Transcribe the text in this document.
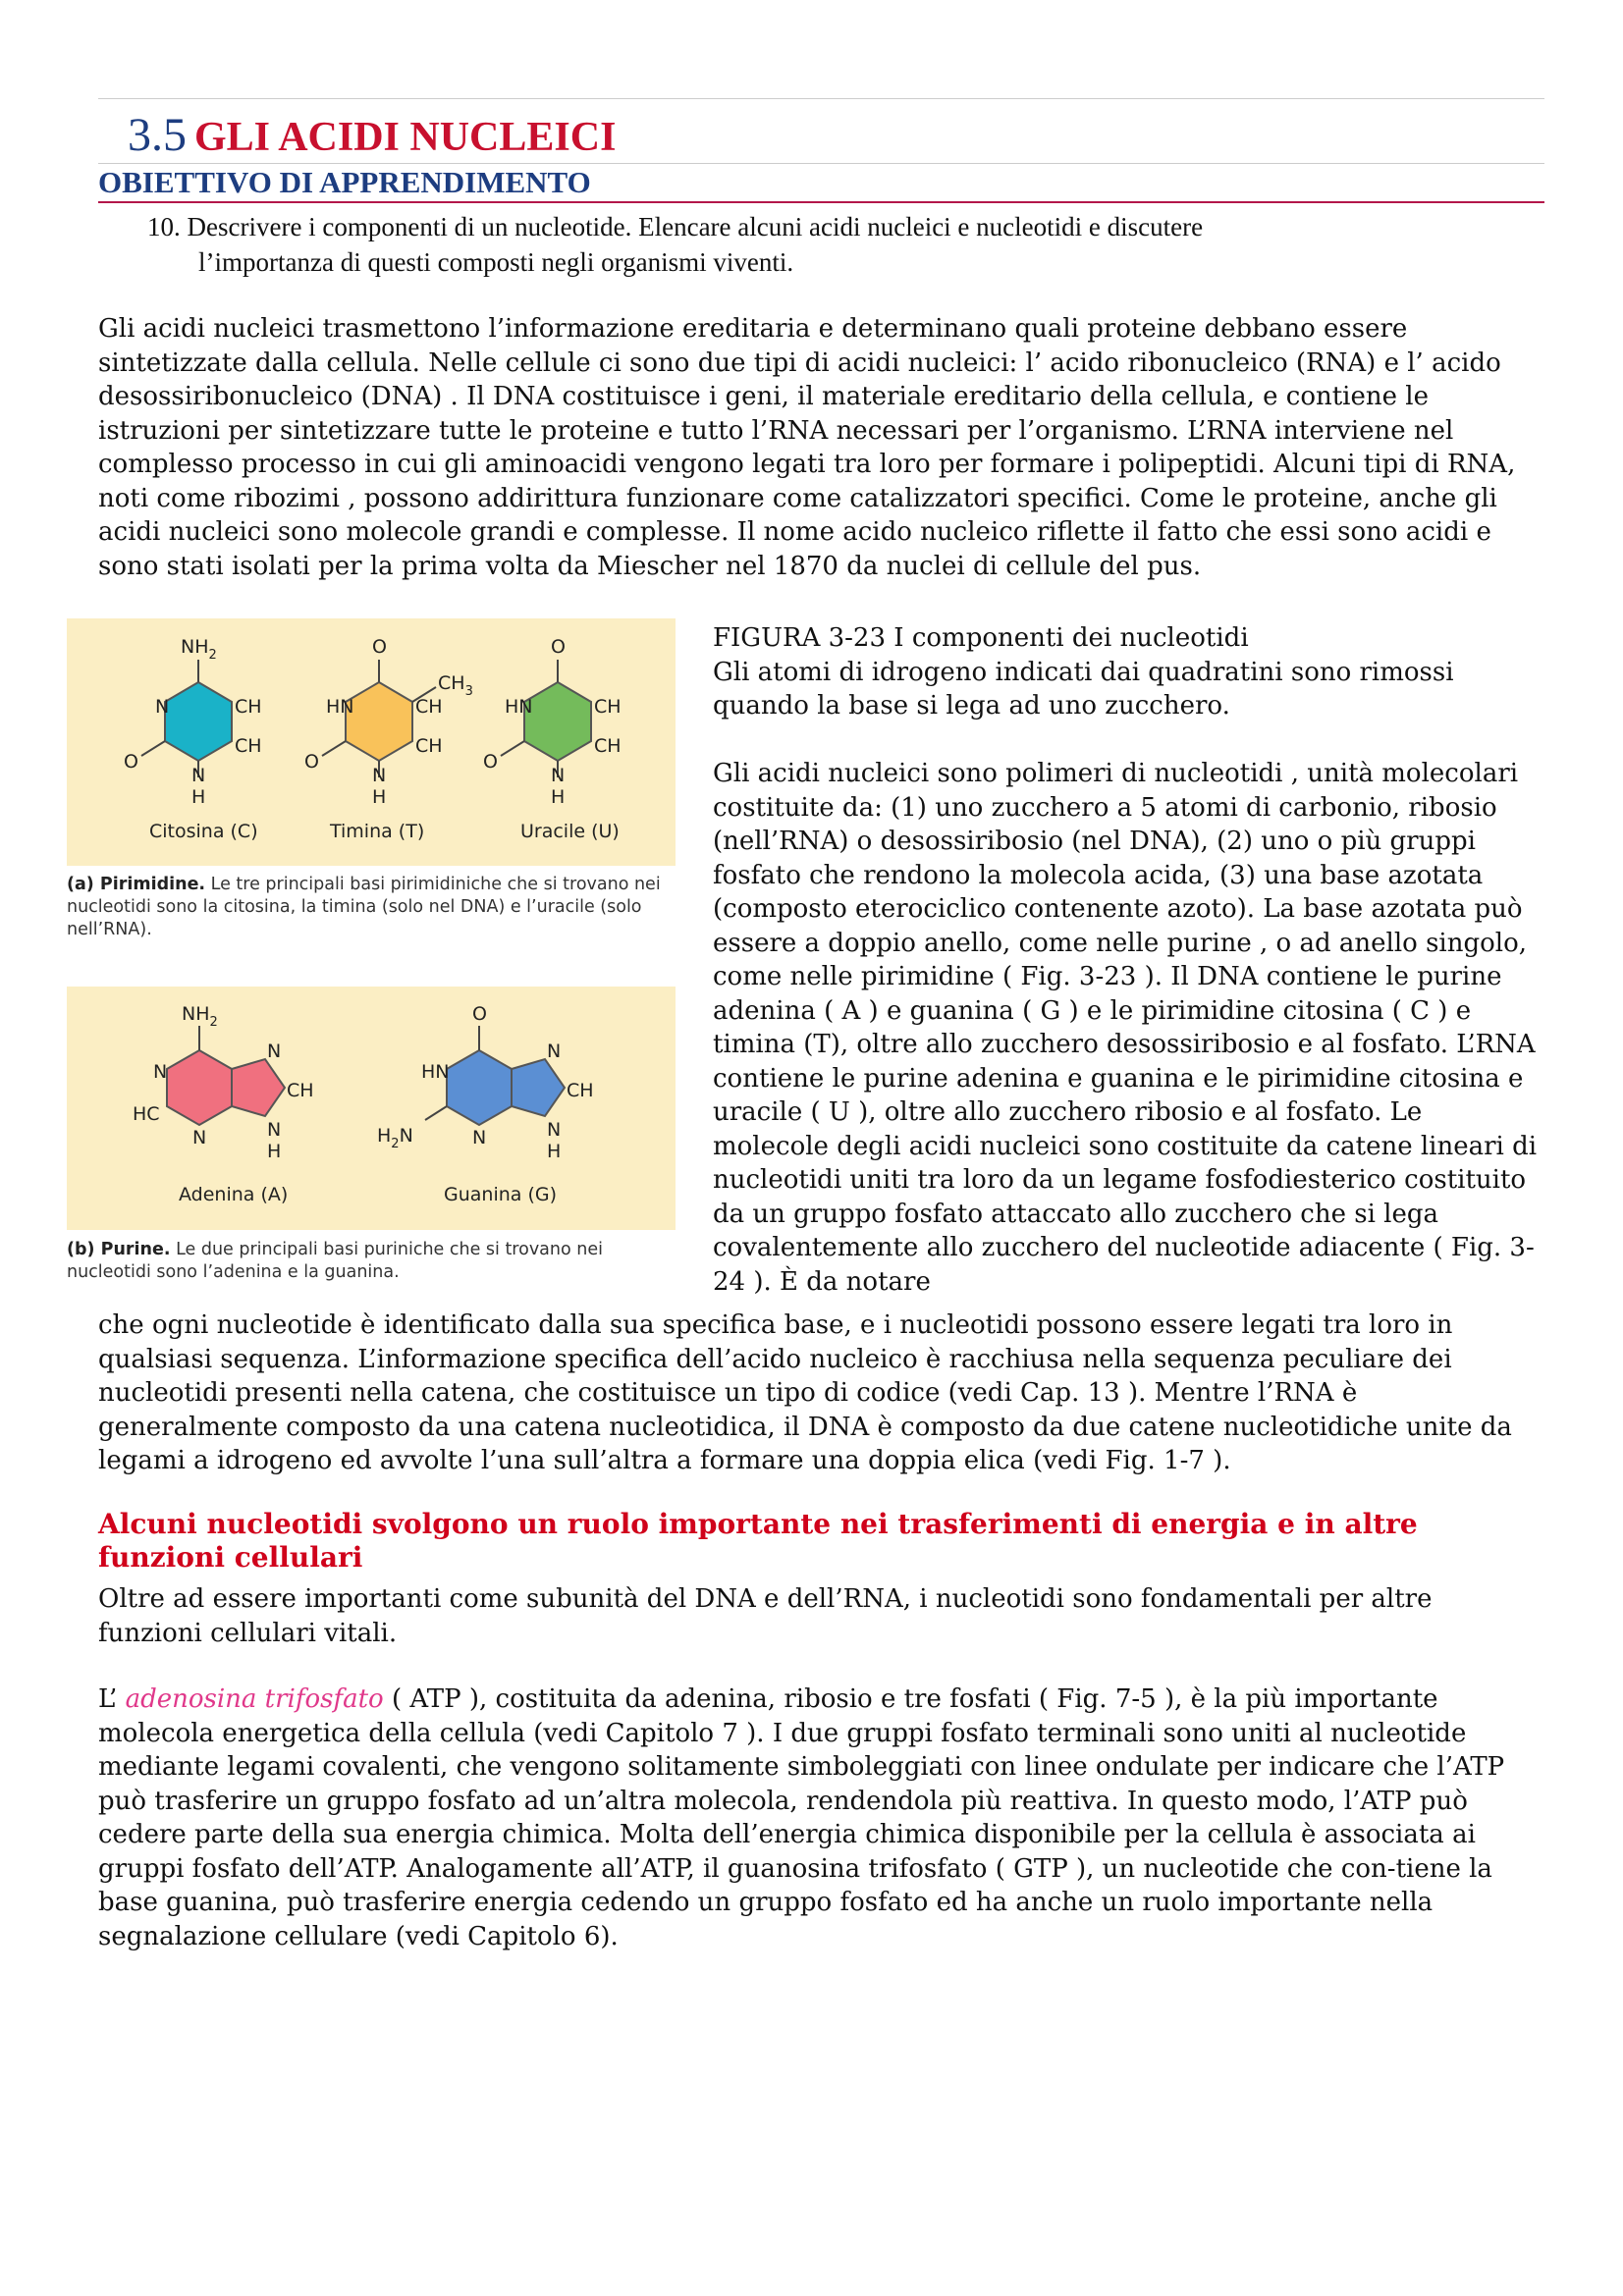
3.5 GLI ACIDI NUCLEICI
OBIETTIVO DI APPRENDIMENTO
10. Descrivere i componenti di un nucleotide. Elencare alcuni acidi nucleici e nucleotidi e discutere
l’importanza di questi composti negli organismi viventi.

Gli acidi nucleici trasmettono l’informazione ereditaria e determinano quali proteine debbano essere sintetizzate dalla cellula. Nelle cellule ci sono due tipi di acidi nucleici: l’ acido ribonucleico (RNA) e l’ acido desossiribonucleico (DNA) . Il DNA costituisce i geni, il materiale ereditario della cellula, e contiene le istruzioni per sintetizzare tutte le proteine e tutto l’RNA necessari per l’organismo. L’RNA interviene nel complesso processo in cui gli aminoacidi vengono legati tra loro per formare i polipeptidi. Alcuni tipi di RNA, noti come ribozimi , possono addirittura funzionare come catalizzatori specifici. Come le proteine, anche gli acidi nucleici sono molecole grandi e complesse. Il nome acido nucleico riflette il fatto che essi sono acidi e sono stati isolati per la prima volta da Miescher nel 1870 da nuclei di cellule del pus.

$NH_2$
N	CH
CH
O
N
H
Citosina (C)
O
$CH_3$
HN	CH
CH
O
N
H
Timina (T)
O
HN	CH
CH
O
N
H
Uracile (U)

(a) Pirimidine. Le tre principali basi pirimidiniche che si trovano nei nucleotidi sono la citosina, la timina (solo nel DNA) e l’uracile (solo nell’RNA).

$NH_2$
N
HC
N
N
CH
N
H
Adenina (A)
O
HN
$H_2N$	N
N
CH
N
H
Guanina (G)

(b) Purine. Le due principali basi puriniche che si trovano nei nucleotidi sono l’adenina e la guanina.

FIGURA 3-23 I componenti dei nucleotidi

Gli atomi di idrogeno indicati dai quadratini sono rimossi quando la base si lega ad uno zucchero.

Gli acidi nucleici sono polimeri di nucleotidi , unità molecolari costituite da: (1) uno zucchero a 5 atomi di carbonio, ribosio (nell’RNA) o desossiribosio (nel DNA), (2) uno o più gruppi fosfato che rendono la molecola acida, (3) una base azotata (composto eterociclico contenente azoto). La base azotata può essere a doppio anello, come nelle purine , o ad anello singolo, come nelle pirimidine ( Fig. 3-23 ). Il DNA contiene le purine adenina ( A ) e guanina ( G ) e le pirimidine citosina ( C ) e timina (T), oltre allo zucchero desossiribosio e al fosfato. L’RNA contiene le purine adenina e guanina e le pirimidine citosina e uracile ( U ), oltre allo zucchero ribosio e al fosfato. Le molecole degli acidi nucleici sono costituite da catene lineari di nucleotidi uniti tra loro da un legame fosfodiesterico costituito da un gruppo fosfato attaccato allo zucchero che si lega covalentemente allo zucchero del nucleotide adiacente ( Fig. 3-24 ). È da notare

che ogni nucleotide è identificato dalla sua specifica base, e i nucleotidi possono essere legati tra loro in qualsiasi sequenza. L’informazione specifica dell’acido nucleico è racchiusa nella sequenza peculiare dei nucleotidi presenti nella catena, che costituisce un tipo di codice (vedi Cap. 13 ). Mentre l’RNA è generalmente composto da una catena nucleotidica, il DNA è composto da due catene nucleotidiche unite da legami a idrogeno ed avvolte l’una sull’altra a formare una doppia elica (vedi Fig. 1-7 ).

Alcuni nucleotidi svolgono un ruolo importante nei trasferimenti di energia e in altre funzioni cellulari

Oltre ad essere importanti come subunità del DNA e dell’RNA, i nucleotidi sono fondamentali per altre funzioni cellulari vitali.

L’ adenosina trifosfato ( ATP ), costituita da adenina, ribosio e tre fosfati ( Fig. 7-5 ), è la più importante molecola energetica della cellula (vedi Capitolo 7 ). I due gruppi fosfato terminali sono uniti al nucleotide mediante legami covalenti, che vengono solitamente simboleggiati con linee ondulate per indicare che l’ATP può trasferire un gruppo fosfato ad un’altra molecola, rendendola più reattiva. In questo modo, l’ATP può cedere parte della sua energia chimica. Molta dell’energia chimica disponibile per la cellula è associata ai gruppi fosfato dell’ATP. Analogamente all’ATP, il guanosina trifosfato ( GTP ), un nucleotide che con-tiene la base guanina, può trasferire energia cedendo un gruppo fosfato ed ha anche un ruolo importante nella segnalazione cellulare (vedi Capitolo 6).
